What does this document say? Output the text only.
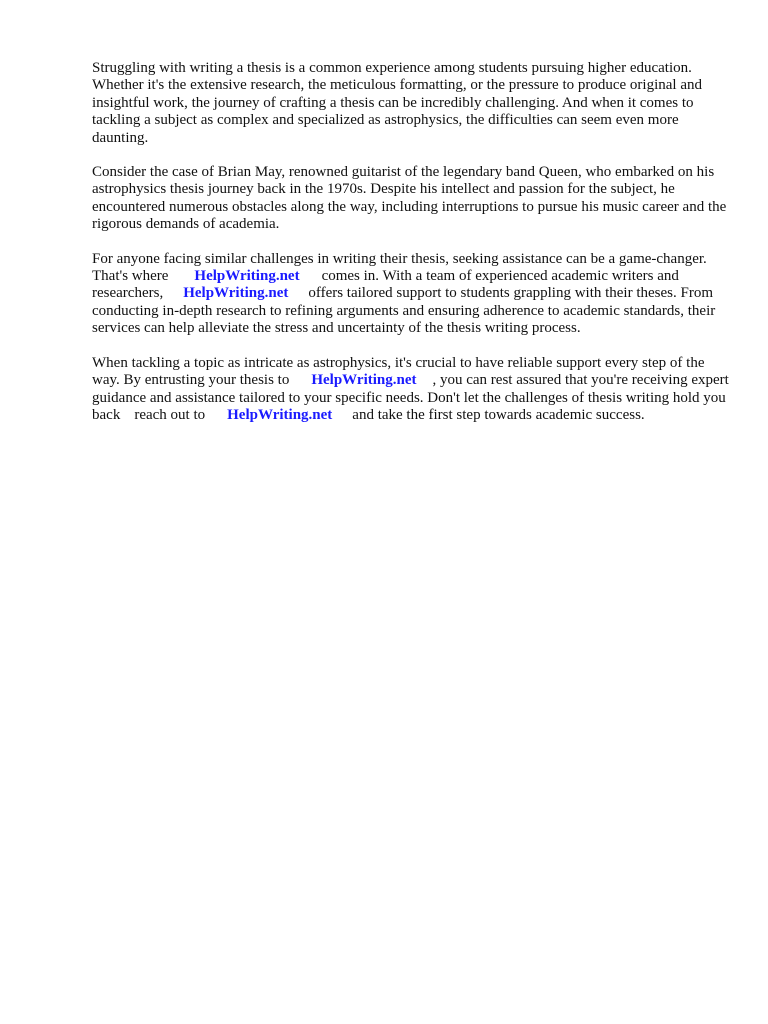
Struggling with writing a thesis is a common experience among students pursuing higher education. Whether it's the extensive research, the meticulous formatting, or the pressure to produce original and insightful work, the journey of crafting a thesis can be incredibly challenging. And when it comes to tackling a subject as complex and specialized as astrophysics, the difficulties can seem even more daunting.

Consider the case of Brian May, renowned guitarist of the legendary band Queen, who embarked on his astrophysics thesis journey back in the 1970s. Despite his intellect and passion for the subject, he encountered numerous obstacles along the way, including interruptions to pursue his music career and the rigorous demands of academia.

For anyone facing similar challenges in writing their thesis, seeking assistance can be a game-changer. That's where HelpWriting.net comes in. With a team of experienced academic writers and researchers, HelpWriting.net offers tailored support to students grappling with their theses. From conducting in-depth research to refining arguments and ensuring adherence to academic standards, their services can help alleviate the stress and uncertainty of the thesis writing process.

When tackling a topic as intricate as astrophysics, it's crucial to have reliable support every step of the way. By entrusting your thesis to HelpWriting.net , you can rest assured that you're receiving expert guidance and assistance tailored to your specific needs. Don't let the challenges of thesis writing hold you back reach out to HelpWriting.net and take the first step towards academic success.
